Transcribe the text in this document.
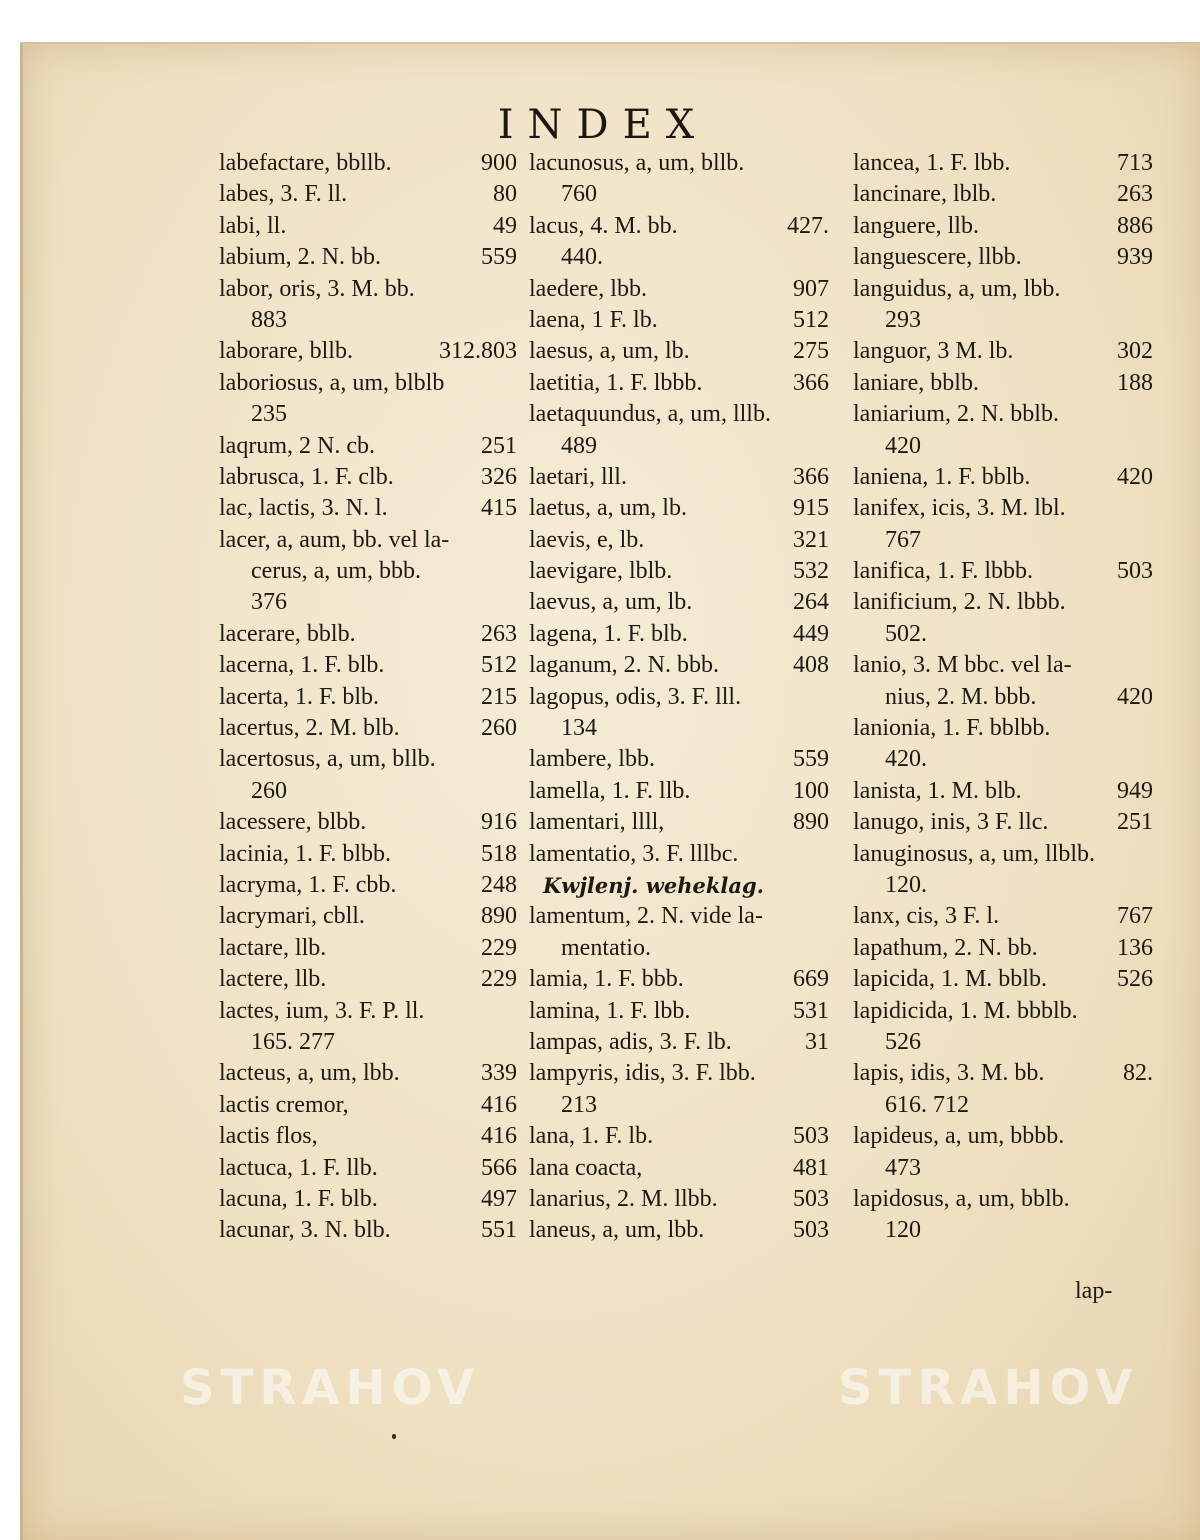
INDEX
labefactare, bbllb.	900
labes, 3. F. ll.	80
labi, ll.	49
labium, 2. N. bb.	559
labor, oris, 3. M. bb.
883
laborare, bllb.	312.803
laboriosus, a, um, blblb
235
laqrum, 2 N. cb.	251
labrusca, 1. F. clb.	326
lac, lactis, 3. N. l.	415
lacer, a, aum, bb. vel la-
cerus, a, um, bbb.
376
lacerare, bblb.	263
lacerna, 1. F. blb.	512
lacerta, 1. F. blb.	215
lacertus, 2. M. blb.	260
lacertosus, a, um, bllb.
260
lacessere, blbb.	916
lacinia, 1. F. blbb.	518
lacryma, 1. F. cbb.	248
lacrymari, cbll.	890
lactare, llb.	229
lactere, llb.	229
lactes, ium, 3. F. P. ll.
165. 277
lacteus, a, um, lbb.	339
lactis cremor,	416
lactis flos,	416
lactuca, 1. F. llb.	566
lacuna, 1. F. blb.	497
lacunar, 3. N. blb.	551
lacunosus, a, um, bllb.
760
lacus, 4. M. bb.	427.
440.
laedere, lbb.	907
laena, 1 F. lb.	512
laesus, a, um, lb.	275
laetitia, 1. F. lbbb.	366
laetaquundus, a, um, lllb.
489
laetari, lll.	366
laetus, a, um, lb.	915
laevis, e, lb.	321
laevigare, lblb.	532
laevus, a, um, lb.	264
lagena, 1. F. blb.	449
laganum, 2. N. bbb.	408
lagopus, odis, 3. F. lll.
134
lambere, lbb.	559
lamella, 1. F. llb.	100
lamentari, llll,	890
lamentatio, 3. F. lllbc.
Kwjlenj. weheklag.
lamentum, 2. N. vide la-
mentatio.
lamia, 1. F. bbb.	669
lamina, 1. F. lbb.	531
lampas, adis, 3. F. lb.	31
lampyris, idis, 3. F. lbb.
213
lana, 1. F. lb.	503
lana coacta,	481
lanarius, 2. M. llbb.	503
laneus, a, um, lbb.	503
lancea, 1. F. lbb.	713
lancinare, lblb.	263
languere, llb.	886
languescere, llbb.	939
languidus, a, um, lbb.
293
languor, 3 M. lb.	302
laniare, bblb.	188
laniarium, 2. N. bblb.
420
laniena, 1. F. bblb.	420
lanifex, icis, 3. M. lbl.
767
lanifica, 1. F. lbbb.	503
lanificium, 2. N. lbbb.
502.
lanio, 3. M bbc. vel la-
nius, 2. M. bbb.	420
lanionia, 1. F. bblbb.
420.
lanista, 1. M. blb.	949
lanugo, inis, 3 F. llc.	251
lanuginosus, a, um, llblb.
120.
lanx, cis, 3 F. l.	767
lapathum, 2. N. bb.	136
lapicida, 1. M. bblb.	526
lapidicida, 1. M. bbblb.
526
lapis, idis, 3. M. bb.	82.
616. 712
lapideus, a, um, bbbb.
473
lapidosus, a, um, bblb.
120
lap-
STRAHOV	STRAHOV
